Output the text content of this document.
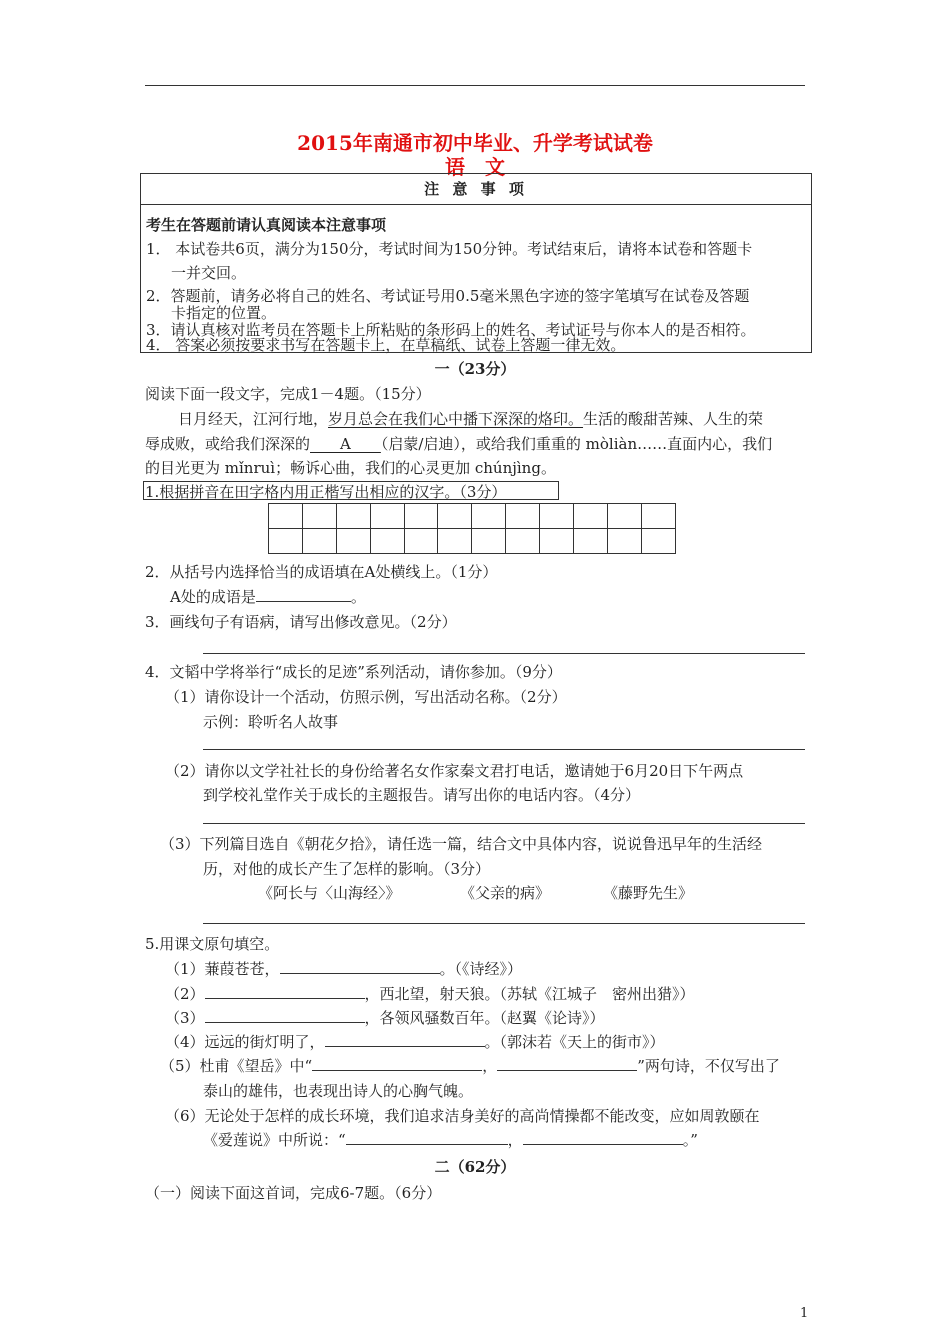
2015年南通市初中毕业、升学考试试卷
语　文
注 意 事 项
考生在答题前请认真阅读本注意事项
1． 本试卷共6页，满分为150分，考试时间为150分钟。考试结束后，请将本试卷和答题卡
一并交回。
2．答题前，请务必将自己的姓名、考试证号用0.5毫米黑色字迹的签字笔填写在试卷及答题
卡指定的位置。
3．请认真核对监考员在答题卡上所粘贴的条形码上的姓名、考试证号与你本人的是否相符。
4． 答案必须按要求书写在答题卡上，在草稿纸、试卷上答题一律无效。
一（23分）
阅读下面一段文字，完成1－4题。（15分）
日月经天，江河行地，岁月总会在我们心中播下深深的烙印。生活的酸甜苦辣、人生的荣
辱成败，或给我们深深的　　A　　（启蒙/启迪），或给我们重重的 mòliàn……直面内心，我们
的目光更为 mǐnruì；畅诉心曲，我们的心灵更加 chúnjìng。
1.根据拼音在田字格内用正楷写出相应的汉字。（3分）

2．从括号内选择恰当的成语填在A处横线上。（1分）
A处的成语是	。
3．画线句子有语病，请写出修改意见。（2分）
4．文韬中学将举行“成长的足迹”系列活动，请你参加。（9分）
（1）请你设计一个活动，仿照示例，写出活动名称。（2分）
示例：聆听名人故事
（2）请你以文学社社长的身份给著名女作家秦文君打电话，邀请她于6月20日下午两点
到学校礼堂作关于成长的主题报告。请写出你的电话内容。（4分）
（3）下列篇目选自《朝花夕拾》，请任选一篇，结合文中具体内容，说说鲁迅早年的生活经
历，对他的成长产生了怎样的影响。（3分）
《阿长与〈山海经〉》	《父亲的病》	《藤野先生》
5.用课文原句填空。
（1）蒹葭苍苍，	。（《诗经》）
（2）	，西北望，射天狼。（苏轼《江城子　密州出猎》）
（3）	，各领风骚数百年。（赵翼《论诗》）
（4）远远的街灯明了，	。（郭沫若《天上的街市》）
（5）杜甫《望岳》中“	，	”两句诗，不仅写出了
泰山的雄伟，也表现出诗人的心胸气魄。
（6）无论处于怎样的成长环境，我们追求洁身美好的高尚情操都不能改变，应如周敦颐在
《爱莲说》中所说：“	，	。”
二（62分）
（一）阅读下面这首词，完成6-7题。（6分）
1
